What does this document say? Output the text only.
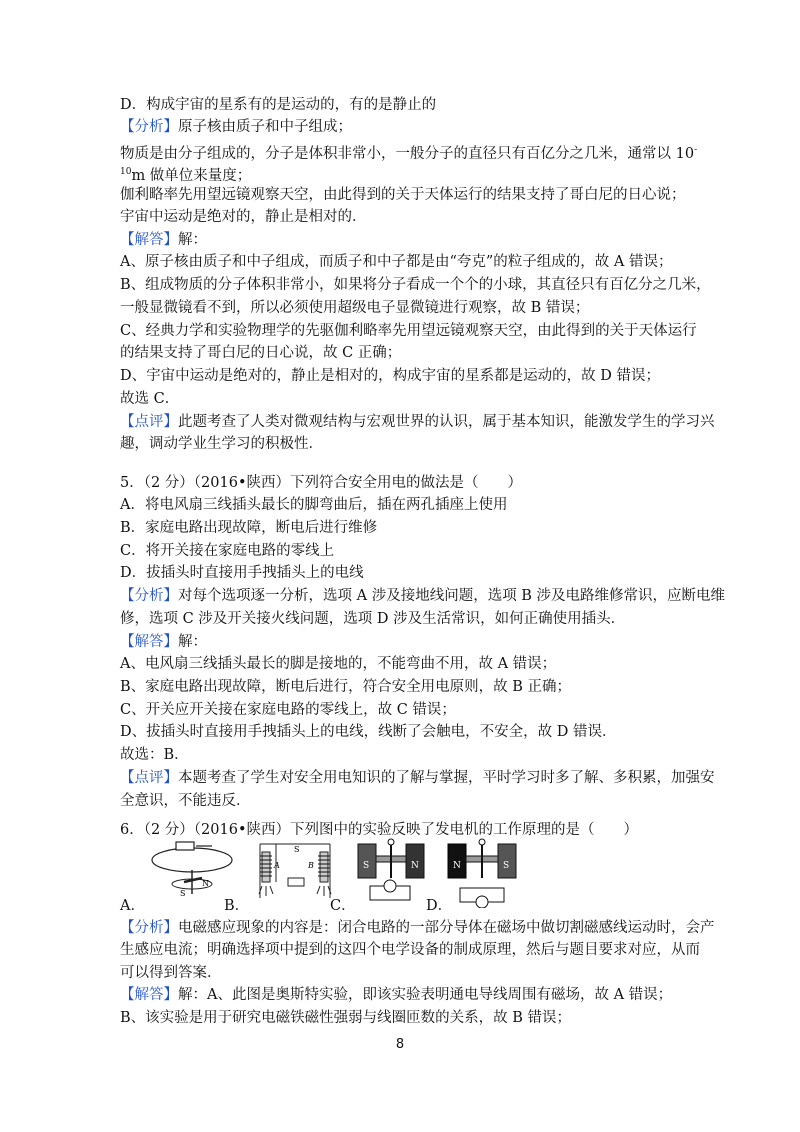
D．构成宇宙的星系有的是运动的，有的是静止的
【分析】原子核由质子和中子组成；
物质是由分子组成的，分子是体积非常小，一般分子的直径只有百亿分之几米，通常以 10-
$^{10}$m 做单位来量度；
伽利略率先用望远镜观察天空，由此得到的关于天体运行的结果支持了哥白尼的日心说；
宇宙中运动是绝对的，静止是相对的．
【解答】解：
A、原子核由质子和中子组成，而质子和中子都是由“夸克”的粒子组成的，故 A 错误；
B、组成物质的分子体积非常小，如果将分子看成一个个的小球，其直径只有百亿分之几米，
一般显微镜看不到，所以必须使用超级电子显微镜进行观察，故 B 错误；
C、经典力学和实验物理学的先驱伽利略率先用望远镜观察天空，由此得到的关于天体运行
的结果支持了哥白尼的日心说，故 C 正确；
D、宇宙中运动是绝对的，静止是相对的，构成宇宙的星系都是运动的，故 D 错误；
故选 C．
【点评】此题考查了人类对微观结构与宏观世界的认识，属于基本知识，能激发学生的学习兴
趣，调动学业生学习的积极性．
5．（2 分）（2016•陕西）下列符合安全用电的做法是（　　）
A．将电风扇三线插头最长的脚弯曲后，插在两孔插座上使用
B．家庭电路出现故障，断电后进行维修
C．将开关接在家庭电路的零线上
D．拔插头时直接用手拽插头上的电线
【分析】对每个选项逐一分析，选项 A 涉及接地线问题，选项 B 涉及电路维修常识，应断电维
修，选项 C 涉及开关接火线问题，选项 D 涉及生活常识，如何正确使用插头．
【解答】解：
A、电风扇三线插头最长的脚是接地的，不能弯曲不用，故 A 错误；
B、家庭电路出现故障，断电后进行，符合安全用电原则，故 B 正确；
C、开关应开关接在家庭电路的零线上，故 C 错误；
D、拔插头时直接用手拽插头上的电线，线断了会触电，不安全，故 D 错误．
故选：B．
【点评】本题考查了学生对安全用电知识的了解与掌握，平时学习时多了解、多积累，加强安
全意识，不能违反．
6．（2 分）（2016•陕西）下列图中的实验反映了发电机的工作原理的是（　　）
S
N
S
A	B	S	N	N	S
A．	B．	C．	D．
【分析】电磁感应现象的内容是：闭合电路的一部分导体在磁场中做切割磁感线运动时，会产
生感应电流；明确选择项中提到的这四个电学设备的制成原理，然后与题目要求对应，从而
可以得到答案．
【解答】解：A、此图是奥斯特实验，即该实验表明通电导线周围有磁场，故 A 错误；
B、该实验是用于研究电磁铁磁性强弱与线圈匝数的关系，故 B 错误；
8
